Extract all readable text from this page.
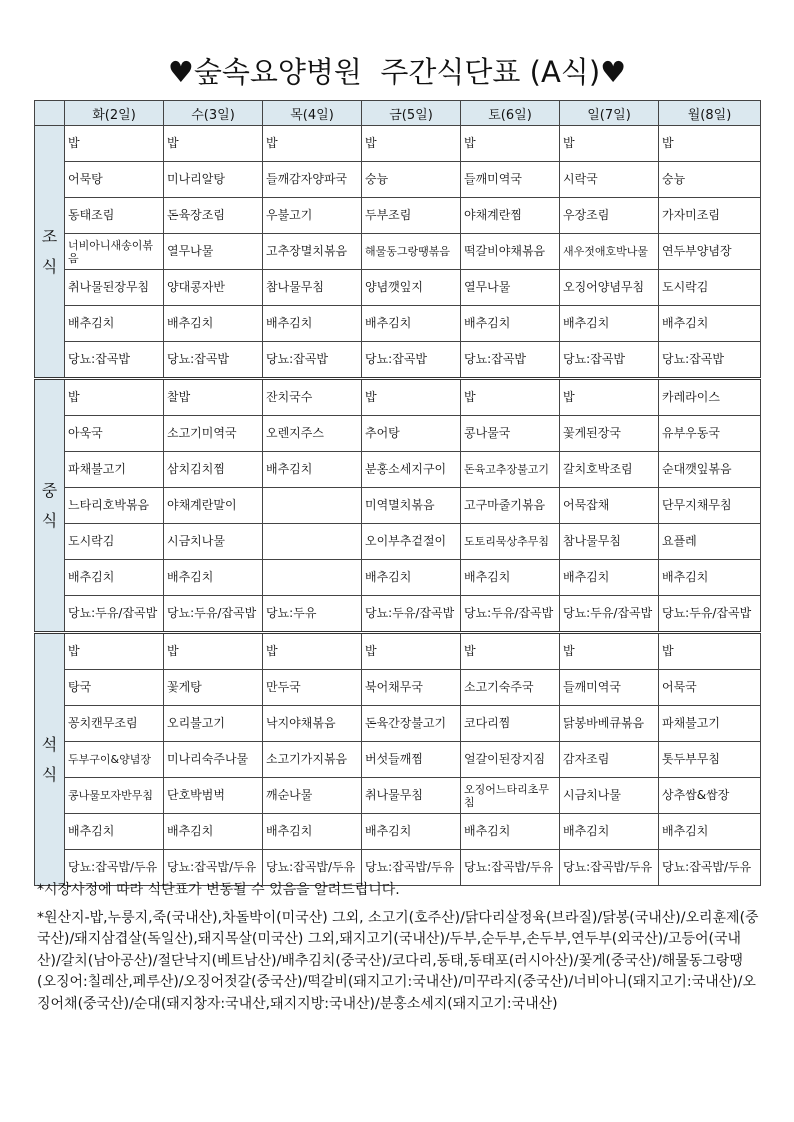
♥숲속요양병원  주간식단표 (A식)♥
	화(2일)	수(3일)	목(4일)	금(5일)	토(6일)	일(7일)	월(8일)

조
식	밥	밥	밥	밥	밥	밥	밥
	어묵탕	미나리알탕	들깨감자양파국	숭늉	들깨미역국	시락국	숭늉
	동태조림	돈육장조림	우불고기	두부조림	야채계란찜	우장조림	가자미조림
	너비아니새송이볶음	열무나물	고추장멸치볶음	해물동그랑땡볶음	떡갈비야채볶음	새우젓애호박나물	연두부양념장
	취나물된장무침	양대콩자반	참나물무침	양념깻잎지	열무나물	오징어양념무침	도시락김
	배추김치	배추김치	배추김치	배추김치	배추김치	배추김치	배추김치
	당뇨:잡곡밥	당뇨:잡곡밥	당뇨:잡곡밥	당뇨:잡곡밥	당뇨:잡곡밥	당뇨:잡곡밥	당뇨:잡곡밥

중
식	밥	찰밥	잔치국수	밥	밥	밥	카레라이스
	아욱국	소고기미역국	오렌지주스	추어탕	콩나물국	꽃게된장국	유부우동국
	파채불고기	삼치김치찜	배추김치	분홍소세지구이	돈육고추장불고기	갈치호박조림	순대깻잎볶음
	느타리호박볶음	야채계란말이		미역멸치볶음	고구마줄기볶음	어묵잡채	단무지채무침
	도시락김	시금치나물		오이부추겉절이	도토리묵상추무침	참나물무침	요플레
	배추김치	배추김치		배추김치	배추김치	배추김치	배추김치
	당뇨:두유/잡곡밥	당뇨:두유/잡곡밥	당뇨:두유	당뇨:두유/잡곡밥	당뇨:두유/잡곡밥	당뇨:두유/잡곡밥	당뇨:두유/잡곡밥

석
식	밥	밥	밥	밥	밥	밥	밥
	탕국	꽃게탕	만두국	북어채무국	소고기숙주국	들깨미역국	어묵국
	꽁치캔무조림	오리불고기	낙지야채볶음	돈육간장불고기	코다리찜	닭봉바베큐볶음	파채불고기
	두부구이&양념장	미나리숙주나물	소고기가지볶음	버섯들깨찜	얼갈이된장지짐	감자조림	톳두부무침
	콩나물모자반무침	단호박범벅	깨순나물	취나물무침	오징어느타리초무침	시금치나물	상추쌈&쌈장
	배추김치	배추김치	배추김치	배추김치	배추김치	배추김치	배추김치
	당뇨:잡곡밥/두유	당뇨:잡곡밥/두유	당뇨:잡곡밥/두유	당뇨:잡곡밥/두유	당뇨:잡곡밥/두유	당뇨:잡곡밥/두유	당뇨:잡곡밥/두유
*시장사정에 따라 식단표가 변동될 수 있음을 알려드립니다.
*원산지-밥,누룽지,죽(국내산),차돌박이(미국산) 그외, 소고기(호주산)/닭다리살정육(브라질)/닭봉(국내산)/오리훈제(중국산)/돼지삼겹살(독일산),돼지목살(미국산) 그외,돼지고기(국내산)/두부,순두부,손두부,연두부(외국산)/고등어(국내산)/갈치(남아공산)/절단낙지(베트남산)/배추김치(중국산)/코다리,동태,동태포(러시아산)/꽃게(중국산)/해물동그랑땡(오징어:칠레산,페루산)/오징어젓갈(중국산)/떡갈비(돼지고기:국내산)/미꾸라지(중국산)/너비아니(돼지고기:국내산)/오징어채(중국산)/순대(돼지창자:국내산,돼지지방:국내산)/분홍소세지(돼지고기:국내산)
